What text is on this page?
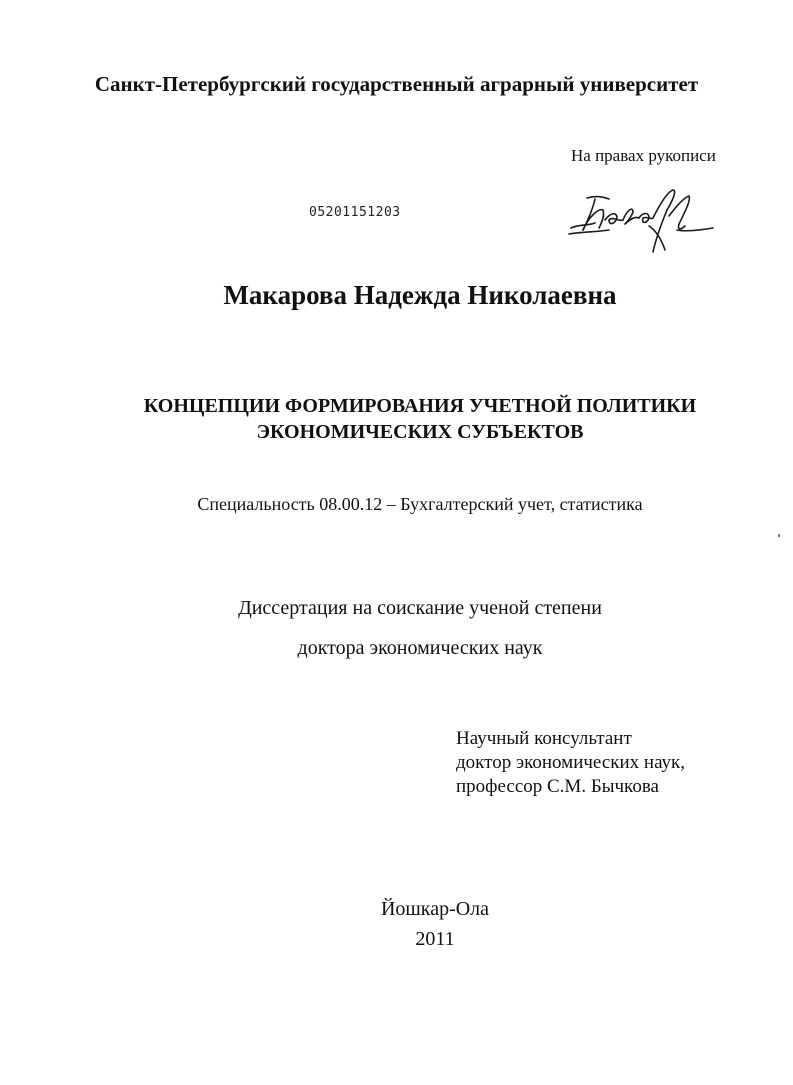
Санкт-Петербургский государственный аграрный университет

На правах рукописи

05201151203

Макарова Надежда Николаевна

КОНЦЕПЦИИ ФОРМИРОВАНИЯ УЧЕТНОЙ ПОЛИТИКИ
ЭКОНОМИЧЕСКИХ СУБЪЕКТОВ

Специальность 08.00.12 – Бухгалтерский учет, статистика

Диссертация на соискание ученой степени

доктора экономических наук

Научный консультант
доктор экономических наук,
профессор С.М. Бычкова

Йошкар-Ола

2011
